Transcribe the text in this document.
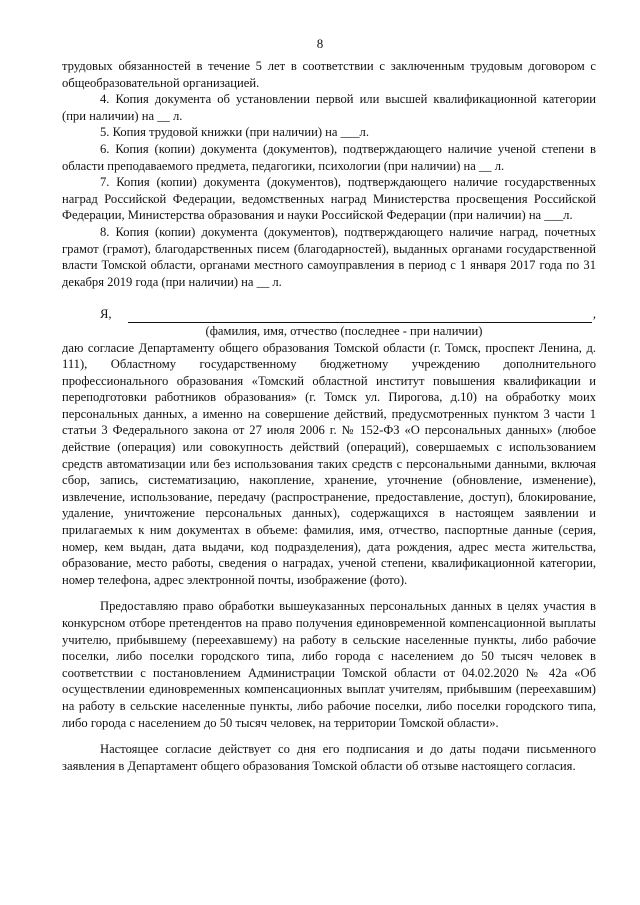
8

трудовых обязанностей в течение 5 лет в соответствии с заключенным трудовым договором с общеобразовательной организацией.

4. Копия документа об установлении первой или высшей квалификационной категории (при наличии) на __ л.

5. Копия трудовой книжки (при наличии) на ___л.

6. Копия (копии) документа (документов), подтверждающего наличие ученой степени в области преподаваемого предмета, педагогики, психологии (при наличии) на __ л.

7. Копия (копии) документа (документов), подтверждающего наличие государственных наград Российской Федерации, ведомственных наград Министерства просвещения Российской Федерации, Министерства образования и науки Российской Федерации (при наличии) на ___л.

8. Копия (копии) документа (документов), подтверждающего наличие наград, почетных грамот (грамот), благодарственных писем (благодарностей), выданных органами государственной власти Томской области, органами местного самоуправления в период с 1 января 2017 года по 31 декабря 2019 года (при наличии) на __ л.

Я,	,
(фамилия, имя, отчество (последнее - при наличии)

даю согласие Департаменту общего образования Томской области (г. Томск, проспект Ленина, д. 111), Областному государственному бюджетному учреждению дополнительного профессионального образования «Томский областной институт повышения квалификации и переподготовки работников образования» (г. Томск ул. Пирогова, д.10) на обработку моих персональных данных, а именно на совершение действий, предусмотренных пунктом 3 части 1 статьи 3 Федерального закона от 27 июля 2006 г. № 152-ФЗ «О персональных данных» (любое действие (операция) или совокупность действий (операций), совершаемых с использованием средств автоматизации или без использования таких средств с персональными данными, включая сбор, запись, систематизацию, накопление, хранение, уточнение (обновление, изменение), извлечение, использование, передачу (распространение, предоставление, доступ), блокирование, удаление, уничтожение персональных данных), содержащихся в настоящем заявлении и прилагаемых к ним документах в объеме: фамилия, имя, отчество, паспортные данные (серия, номер, кем выдан, дата выдачи, код подразделения), дата рождения, адрес места жительства, образование, место работы, сведения о наградах, ученой степени, квалификационной категории, номер телефона, адрес электронной почты, изображение (фото).

Предоставляю право обработки вышеуказанных персональных данных в целях участия в конкурсном отборе претендентов на право получения единовременной компенсационной выплаты учителю, прибывшему (переехавшему) на работу в сельские населенные пункты, либо рабочие поселки, либо поселки городского типа, либо города с населением до 50 тысяч человек в соответствии с постановлением Администрации Томской области от 04.02.2020 № 42а «Об осуществлении единовременных компенсационных выплат учителям, прибывшим (переехавшим) на работу в сельские населенные пункты, либо рабочие поселки, либо поселки городского типа, либо города с населением до 50 тысяч человек, на территории Томской области».

Настоящее согласие действует со дня его подписания и до даты подачи письменного заявления в Департамент общего образования Томской области об отзыве настоящего согласия.
